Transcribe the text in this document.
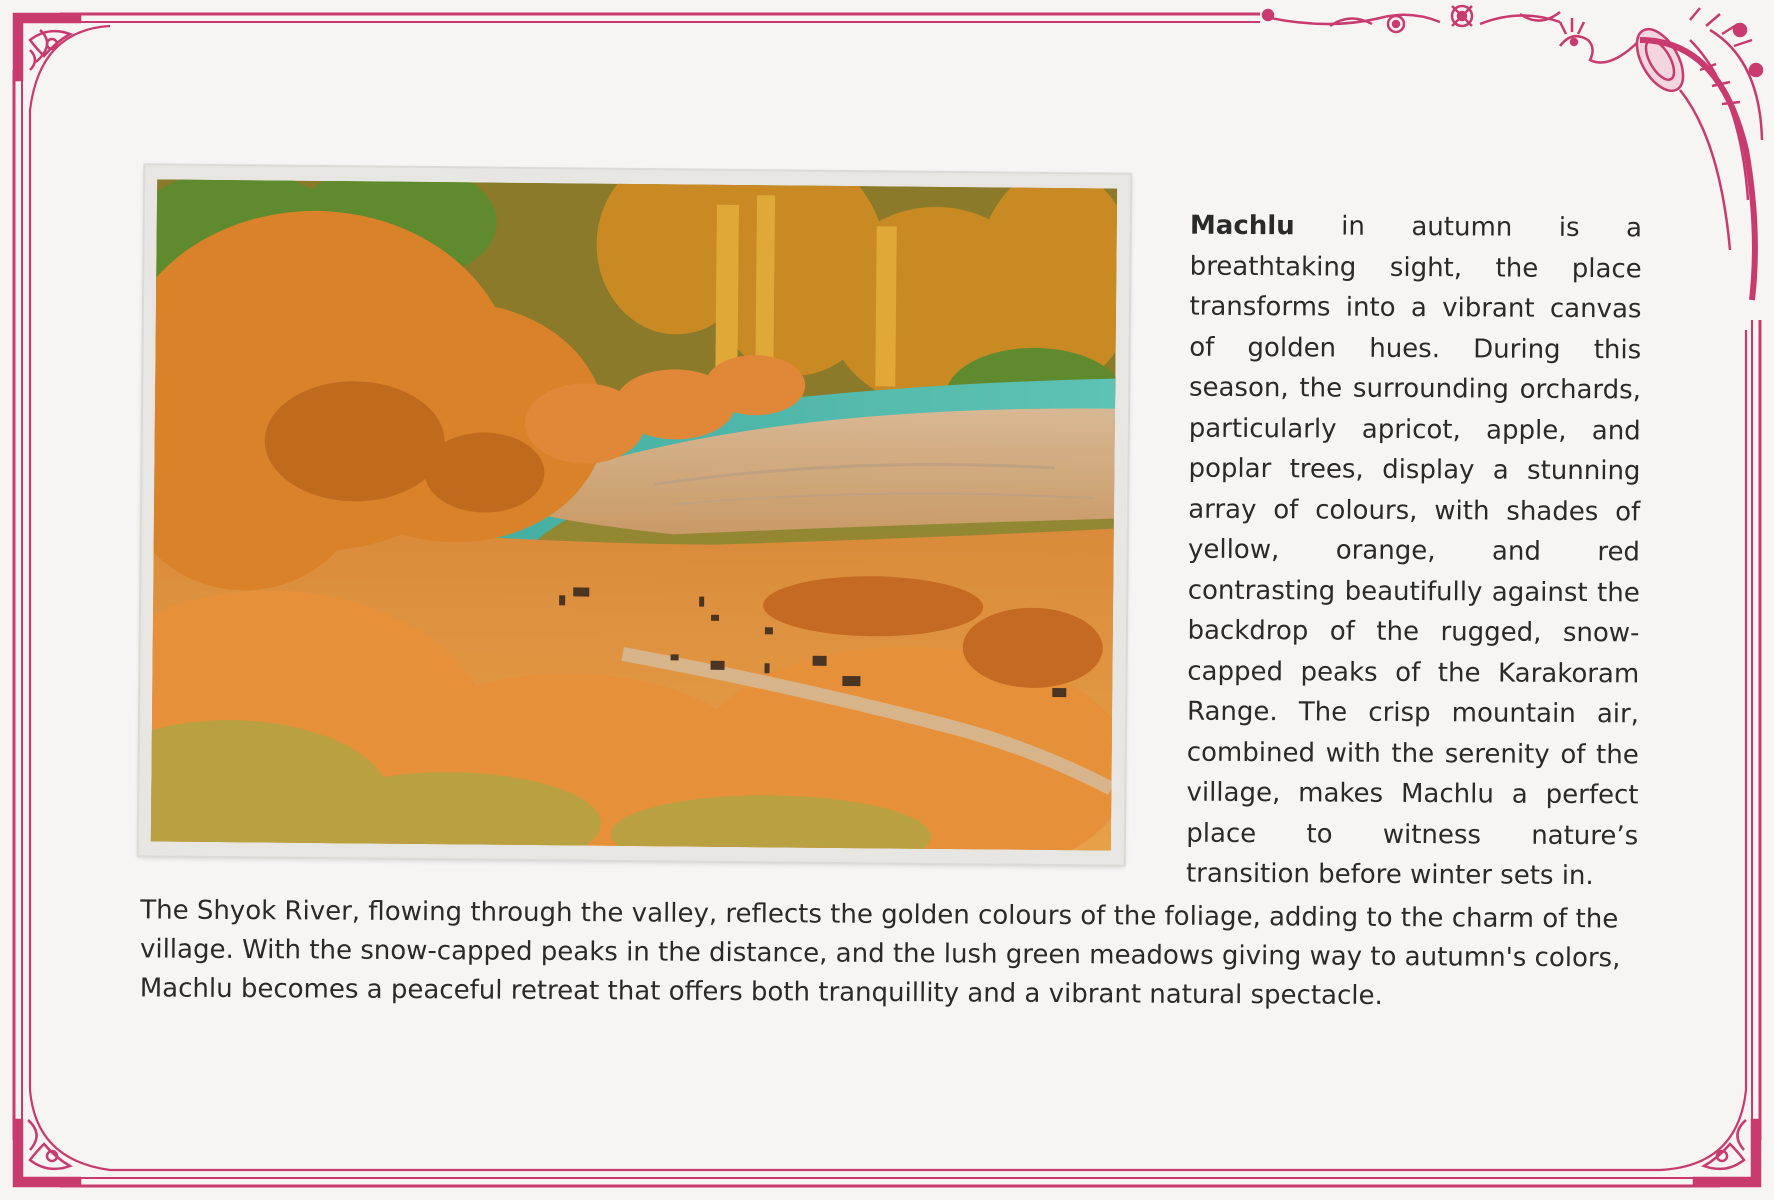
Machlu in autumn is a breathtaking sight, the place transforms into a vibrant canvas of golden hues. During this season, the surrounding orchards, particularly apricot, apple, and poplar trees, display a stunning array of colours, with shades of yellow, orange, and red contrasting beautifully against the backdrop of the rugged, snow-capped peaks of the Karakoram Range. The crisp mountain air, combined with the serenity of the village, makes Machlu a perfect place to witness nature’s transition before winter sets in.

The Shyok River, flowing through the valley, reflects the golden colours of the foliage, adding to the charm of the village. With the snow-capped peaks in the distance, and the lush green meadows giving way to autumn's colors, Machlu becomes a peaceful retreat that offers both tranquillity and a vibrant natural spectacle.
